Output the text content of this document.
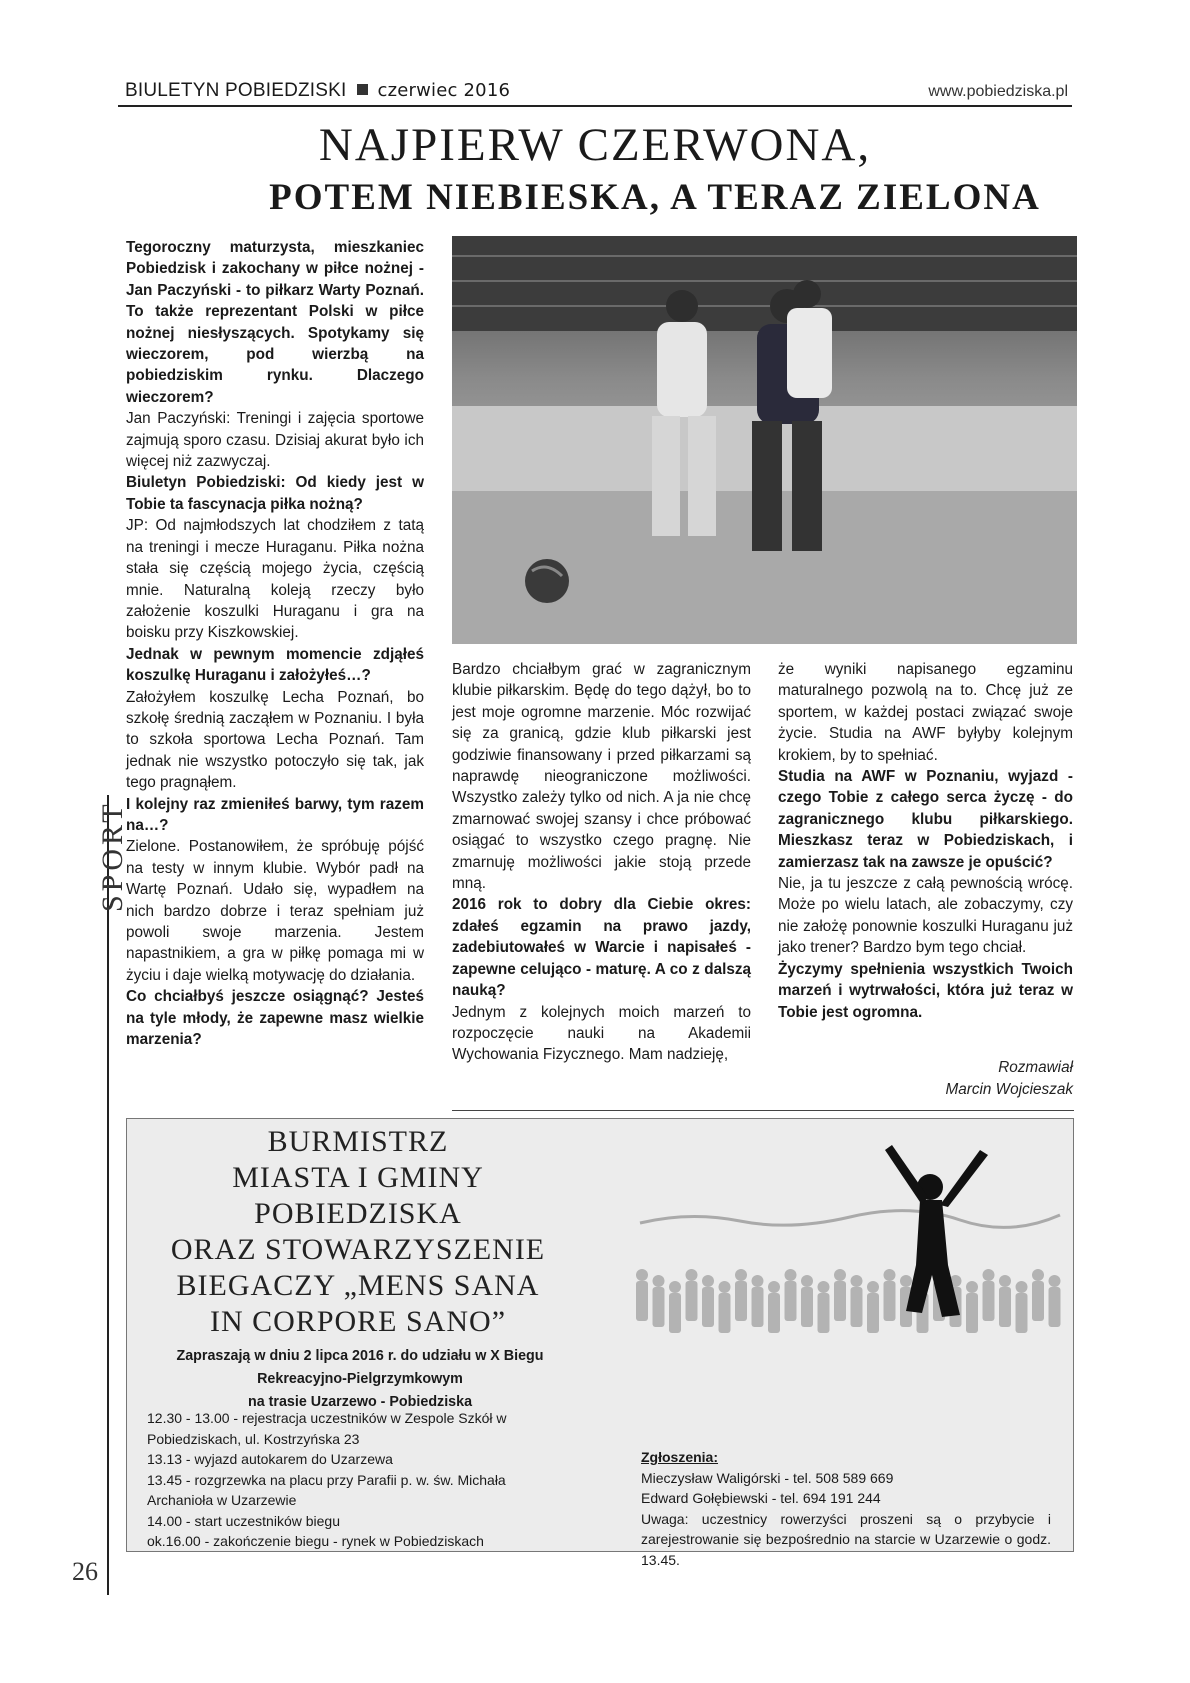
BIULETYN POBIEDZISKI czerwiec 2016	www.pobiedziska.pl
NAJPIERW CZERWONA,
POTEM NIEBIESKA, A TERAZ ZIELONA
SPORT
26

Tegoroczny maturzysta, mieszkaniec Pobiedzisk i zakochany w piłce nożnej - Jan Paczyński - to piłkarz Warty Poznań. To także reprezentant Polski w piłce nożnej niesłyszących. Spotykamy się wieczorem, pod wierzbą na pobiedziskim rynku. Dlaczego wieczorem?

Jan Paczyński: Treningi i zajęcia sportowe zajmują sporo czasu. Dzisiaj akurat było ich więcej niż zazwyczaj.

Biuletyn Pobiedziski: Od kiedy jest w Tobie ta fascynacja piłka nożną?

JP: Od najmłodszych lat chodziłem z tatą na treningi i mecze Huraganu. Piłka nożna stała się częścią mojego życia, częścią mnie. Naturalną koleją rzeczy było założenie koszulki Huraganu i gra na boisku przy Kiszkowskiej.

Jednak w pewnym momencie zdjąłeś koszulkę Huraganu i założyłeś…?

Założyłem koszulkę Lecha Poznań, bo szkołę średnią zacząłem w Poznaniu. I była to szkoła sportowa Lecha Poznań. Tam jednak nie wszystko potoczyło się tak, jak tego pragnąłem.

I kolejny raz zmieniłeś barwy, tym razem na…?

Zielone. Postanowiłem, że spróbuję pójść na testy w innym klubie. Wybór padł na Wartę Poznań. Udało się, wypadłem na nich bardzo dobrze i teraz spełniam już powoli swoje marzenia. Jestem napastnikiem, a gra w piłkę pomaga mi w życiu i daje wielką motywację do działania.

Co chciałbyś jeszcze osiągnąć? Jesteś na tyle młody, że zapewne masz wielkie marzenia?

Bardzo chciałbym grać w zagranicznym klubie piłkarskim. Będę do tego dążył, bo to jest moje ogromne marzenie. Móc rozwijać się za granicą, gdzie klub piłkarski jest godziwie finansowany i przed piłkarzami są naprawdę nieograniczone możliwości. Wszystko zależy tylko od nich. A ja nie chcę zmarnować swojej szansy i chce próbować osiągać to wszystko czego pragnę. Nie zmarnuję możliwości jakie stoją przede mną.

2016 rok to dobry dla Ciebie okres: zdałeś egzamin na prawo jazdy, zadebiutowałeś w Warcie i napisałeś - zapewne celująco - maturę. A co z dalszą nauką?

Jednym z kolejnych moich marzeń to rozpoczęcie nauki na Akademii Wychowania Fizycznego. Mam nadzieję,

że wyniki napisanego egzaminu maturalnego pozwolą na to. Chcę już ze sportem, w każdej postaci związać swoje życie. Studia na AWF byłyby kolejnym krokiem, by to spełniać.

Studia na AWF w Poznaniu, wyjazd - czego Tobie z całego serca życzę - do zagranicznego klubu piłkarskiego. Mieszkasz teraz w Pobiedziskach, i zamierzasz tak na zawsze je opuścić?

Nie, ja tu jeszcze z całą pewnością wrócę. Może po wielu latach, ale zobaczymy, czy nie założę ponownie koszulki Huraganu już jako trener? Bardzo bym tego chciał.

Życzymy spełnienia wszystkich Twoich marzeń i wytrwałości, która już teraz w Tobie jest ogromna.

Rozmawiał
Marcin Wojcieszak
BURMISTRZ
MIASTA I GMINY
POBIEDZISKA
ORAZ STOWARZYSZENIE
BIEGACZY „MENS SANA
IN CORPORE SANO”
Zapraszają w dniu 2 lipca 2016 r. do udziału w X Biegu
Rekreacyjno-Pielgrzymkowym
na trasie Uzarzewo - Pobiedziska
12.30 - 13.00 - rejestracja uczestników w Zespole Szkół w Pobiedziskach, ul. Kostrzyńska 23
13.13 - wyjazd autokarem do Uzarzewa
13.45 - rozgrzewka na placu przy Parafii p. w. św. Michała Archanioła w Uzarzewie
14.00 - start uczestników biegu
ok.16.00 - zakończenie biegu - rynek w Pobiedziskach
Zgłoszenia:
Mieczysław Waligórski - tel. 508 589 669
Edward Gołębiewski - tel. 694 191 244
Uwaga: uczestnicy rowerzyści proszeni są o przybycie i zarejestrowanie się bezpośrednio na starcie w Uzarzewie o godz. 13.45.
